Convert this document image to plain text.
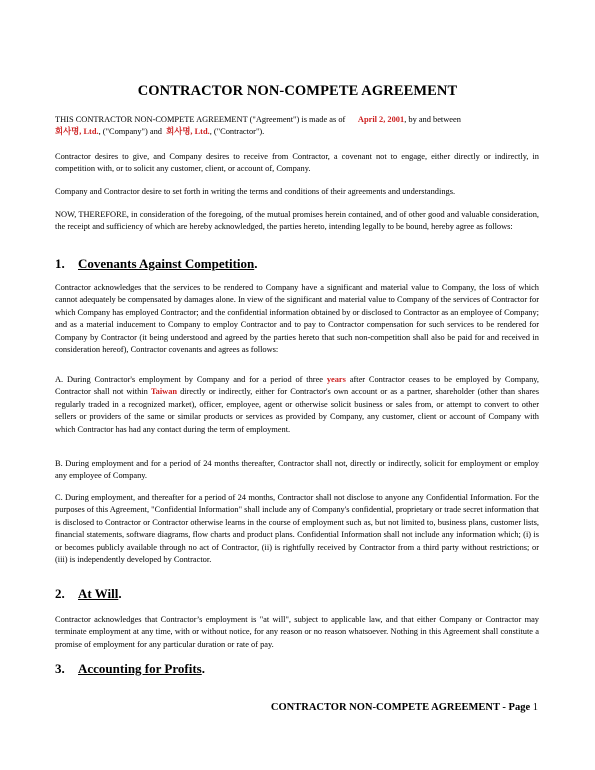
CONTRACTOR NON-COMPETE AGREEMENT
THIS CONTRACTOR NON-COMPETE AGREEMENT ("Agreement") is made as of April 2, 2001, by and between
회사명, Ltd., ("Company") and 회사명, Ltd., ("Contractor").
Contractor desires to give, and Company desires to receive from Contractor, a covenant not to engage, either directly or indirectly, in competition with, or to solicit any customer, client, or account of, Company.
Company and Contractor desire to set forth in writing the terms and conditions of their agreements and understandings.
NOW, THEREFORE, in consideration of the foregoing, of the mutual promises herein contained, and of other good and valuable consideration, the receipt and sufficiency of which are hereby acknowledged, the parties hereto, intending legally to be bound, hereby agree as follows:
1. Covenants Against Competition.
Contractor acknowledges that the services to be rendered to Company have a significant and material value to Company, the loss of which cannot adequately be compensated by damages alone. In view of the significant and material value to Company of the services of Contractor for which Company has employed Contractor; and the confidential information obtained by or disclosed to Contractor as an employee of Company; and as a material inducement to Company to employ Contractor and to pay to Contractor compensation for such services to be rendered for Company by Contractor (it being understood and agreed by the parties hereto that such non-competition shall also be paid for and received in consideration hereof), Contractor covenants and agrees as follows:
A. During Contractor's employment by Company and for a period of three years after Contractor ceases to be employed by Company, Contractor shall not within Taiwan directly or indirectly, either for Contractor's own account or as a partner, shareholder (other than shares regularly traded in a recognized market), officer, employee, agent or otherwise solicit business or sales from, or attempt to convert to other sellers or providers of the same or similar products or services as provided by Company, any customer, client or account of Company with which Contractor has had any contact during the term of employment.
B. During employment and for a period of 24 months thereafter, Contractor shall not, directly or indirectly, solicit for employment or employ any employee of Company.
C. During employment, and thereafter for a period of 24 months, Contractor shall not disclose to anyone any Confidential Information. For the purposes of this Agreement, "Confidential Information" shall include any of Company's confidential, proprietary or trade secret information that is disclosed to Contractor or Contractor otherwise learns in the course of employment such as, but not limited to, business plans, customer lists, financial statements, software diagrams, flow charts and product plans. Confidential Information shall not include any information which; (i) is or becomes publicly available through no act of Contractor, (ii) is rightfully received by Contractor from a third party without restrictions; or (iii) is independently developed by Contractor.
2. At Will.
Contractor acknowledges that Contractor’s employment is "at will", subject to applicable law, and that either Company or Contractor may terminate employment at any time, with or without notice, for any reason or no reason whatsoever. Nothing in this Agreement shall constitute a promise of employment for any particular duration or rate of pay.
3. Accounting for Profits.
CONTRACTOR NON-COMPETE AGREEMENT - Page 1
